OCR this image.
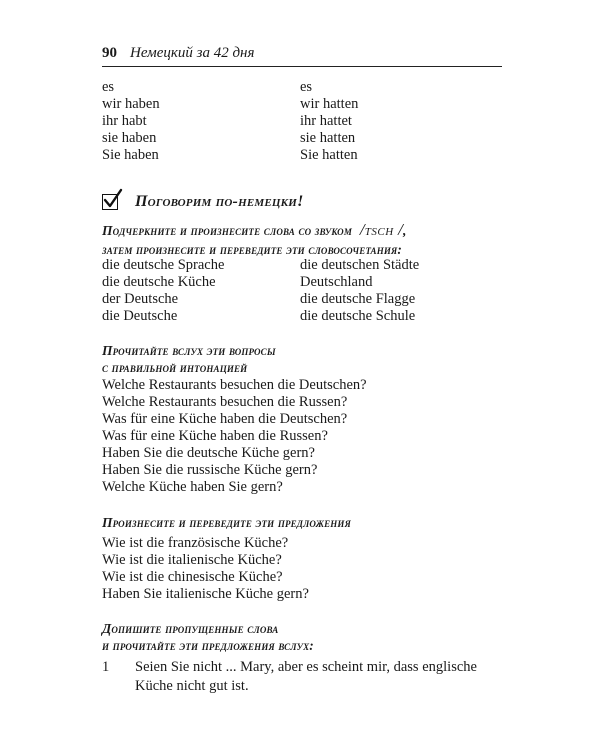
90 Немецкий за 42 дня
es	es
wir haben	wir hatten
ihr habt	ihr hattet
sie haben	sie hatten
Sie haben	Sie hatten
Поговорим по-немецки!
Подчеркните и произнесите слова со звуком  /TSCH /,
затем произнесите и переведите эти словосочетания:
die deutsche Sprache	die deutschen Städte
die deutsche Küche	Deutschland
der Deutsche	die deutsche Flagge
die Deutsche	die deutsche Schule
Прочитайте вслух эти вопросы
с правильной интонацией
Welche Restaurants besuchen die Deutschen?
Welche Restaurants besuchen die Russen?
Was für eine Küche haben die Deutschen?
Was für eine Küche haben die Russen?
Haben Sie die deutsche Küche gern?
Haben Sie die russische Küche gern?
Welche Küche haben Sie gern?
Произнесите и переведите эти предложения
Wie ist die französische Küche?
Wie ist die italienische Küche?
Wie ist die chinesische Küche?
Haben Sie italienische Küche gern?
Допишите пропущенные слова
и прочитайте эти предложения вслух:
1 Seien Sie nicht ... Mary, aber es scheint mir, dass englische Küche nicht gut ist.
